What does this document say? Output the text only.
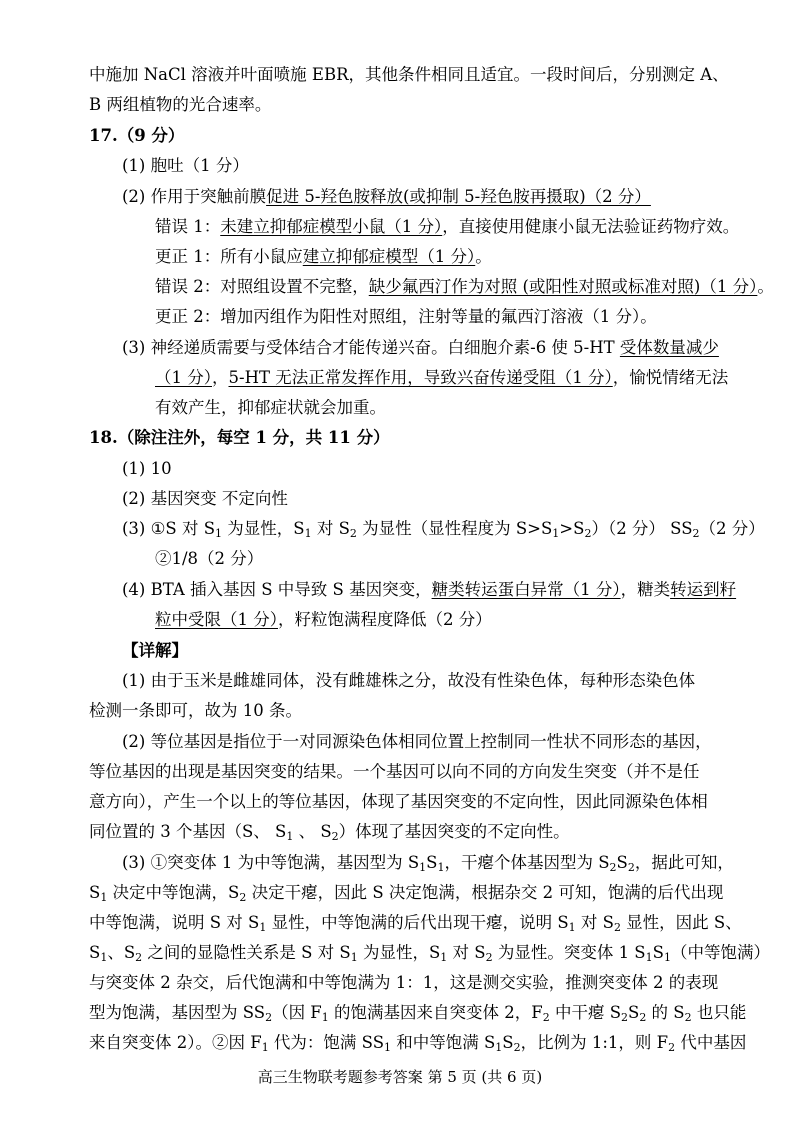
中施加 NaCl 溶液并叶面喷施 EBR，其他条件相同且适宜。一段时间后，分别测定 A、
B 两组植物的光合速率。
17.（9 分）
(1) 胞吐（1 分）
(2) 作用于突触前膜促进 5-羟色胺释放(或抑制 5-羟色胺再摄取)（2 分）
错误 1：未建立抑郁症模型小鼠（1 分），直接使用健康小鼠无法验证药物疗效。
更正 1：所有小鼠应建立抑郁症模型（1 分）。
错误 2：对照组设置不完整，缺少氟西汀作为对照 (或阳性对照或标准对照)（1 分）。
更正 2：增加丙组作为阳性对照组，注射等量的氟西汀溶液（1 分）。
(3) 神经递质需要与受体结合才能传递兴奋。白细胞介素-6 使 5-HT 受体数量减少
（1 分），5-HT 无法正常发挥作用，导致兴奋传递受阻（1 分），愉悦情绪无法
有效产生，抑郁症状就会加重。
18.（除注注外，每空 1 分，共 11 分）
(1) 10
(2) 基因突变 不定向性
(3) ①S 对 $S_1$ 为显性，$S_1$ 对 $S_2$ 为显性（显性程度为 $S>S_1>S_2)(2$ 分） $SS_2(2$ 分）
②1/8（2 分）
(4) BTA 插入基因 S 中导致 S 基因突变，糖类转运蛋白异常（1 分），糖类转运到籽
粒中受限（1 分），籽粒饱满程度降低（2 分）
【详解】
(1) 由于玉米是雌雄同体，没有雌雄株之分，故没有性染色体，每种形态染色体
检测一条即可，故为 10 条。
(2) 等位基因是指位于一对同源染色体相同位置上控制同一性状不同形态的基因，
等位基因的出现是基因突变的结果。一个基因可以向不同的方向发生突变（并不是任
意方向），产生一个以上的等位基因，体现了基因突变的不定向性，因此同源染色体相
同位置的 3 个基因（S、 $S_1$ 、 $S_2$）体现了基因突变的不定向性。
(3) ①突变体 1 为中等饱满，基因型为 $S_1S_1$，干瘪个体基因型为 $S_2S_2$，据此可知，
$S_1$ 决定中等饱满，$S_2$ 决定干瘪，因此 S 决定饱满，根据杂交 2 可知，饱满的后代出现
中等饱满，说明 S 对 $S_1$ 显性，中等饱满的后代出现干瘪，说明 $S_1$ 对 $S_2$ 显性，因此 S、
$S_1$、$S_2$ 之间的显隐性关系是 S 对 $S_1$ 为显性，$S_1$ 对 $S_2$ 为显性。突变体 1 $S_1S_1$（中等饱满）
与突变体 2 杂交，后代饱满和中等饱满为 1：1，这是测交实验，推测突变体 2 的表现
型为饱满，基因型为 $SS_2$（因 $F_1$ 的饱满基因来自突变体 2，$F_2$ 中干瘪 $S_2S_2$ 的 $S_2$ 也只能
来自突变体 2）。②因 $F_1$ 代为：饱满 $SS_1$ 和中等饱满 $S_1S_2$，比例为 1:1，则 $F_2$ 代中基因
高三生物联考题参考答案 第 5 页 (共 6 页)
